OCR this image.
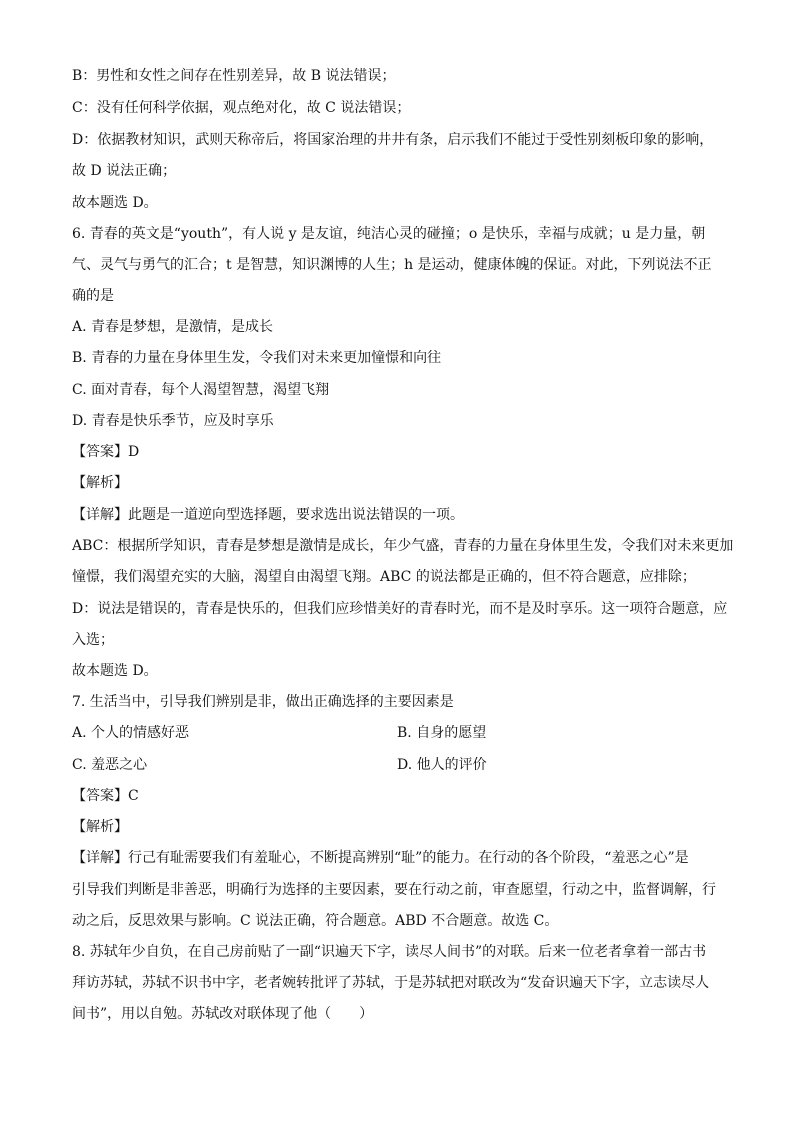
B：男性和女性之间存在性别差异，故 B 说法错误；
C：没有任何科学依据，观点绝对化，故 C 说法错误；
D：依据教材知识，武则天称帝后，将国家治理的井井有条，启示我们不能过于受性别刻板印象的影响，
故 D 说法正确；
故本题选 D。
6. 青春的英文是“youth”，有人说 y 是友谊，纯洁心灵的碰撞；o 是快乐，幸福与成就；u 是力量，朝
气、灵气与勇气的汇合；t 是智慧，知识渊博的人生；h 是运动，健康体魄的保证。对此，下列说法不正
确的是
A. 青春是梦想，是激情，是成长
B. 青春的力量在身体里生发，令我们对未来更加憧憬和向往
C. 面对青春，每个人渴望智慧，渴望飞翔
D. 青春是快乐季节，应及时享乐
【答案】D
【解析】
【详解】此题是一道逆向型选择题，要求选出说法错误的一项。
ABC：根据所学知识，青春是梦想是激情是成长，年少气盛，青春的力量在身体里生发，令我们对未来更加
憧憬，我们渴望充实的大脑，渴望自由渴望飞翔。ABC 的说法都是正确的，但不符合题意，应排除；
D：说法是错误的，青春是快乐的，但我们应珍惜美好的青春时光，而不是及时享乐。这一项符合题意，应
入选；
故本题选 D。
7. 生活当中，引导我们辨别是非，做出正确选择的主要因素是
A. 个人的情感好恶	B. 自身的愿望
C. 羞恶之心	D. 他人的评价
【答案】C
【解析】
【详解】行己有耻需要我们有羞耻心，不断提高辨别“耻”的能力。在行动的各个阶段，“羞恶之心”是
引导我们判断是非善恶，明确行为选择的主要因素，要在行动之前，审查愿望，行动之中，监督调解，行
动之后，反思效果与影响。C 说法正确，符合题意。ABD 不合题意。故选 C。
8. 苏轼年少自负，在自己房前贴了一副“识遍天下字，读尽人间书”的对联。后来一位老者拿着一部古书
拜访苏轼，苏轼不识书中字，老者婉转批评了苏轼，于是苏轼把对联改为“发奋识遍天下字，立志读尽人
间书”，用以自勉。苏轼改对联体现了他（　　）
